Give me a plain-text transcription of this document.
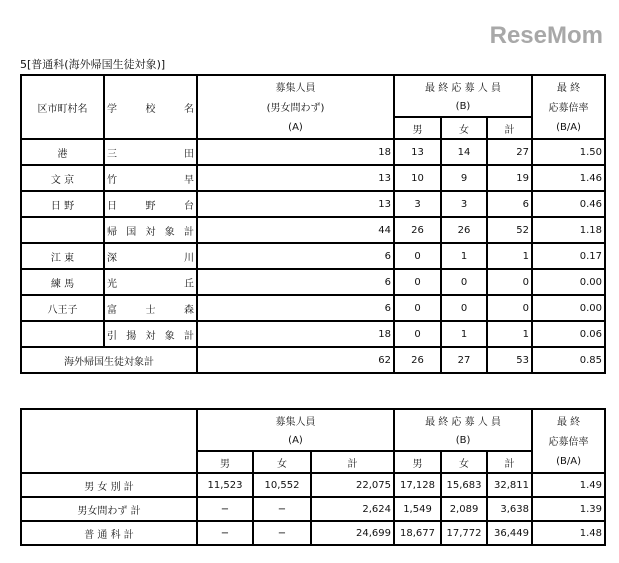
5[普通科(海外帰国生徒対象)]
区市町村名	学 校 名	募集人員	最 終 応 募 人 員			最 終
		(男女問わず)	(B)			応募倍率
		(A)	男	女	計	(B/A)
港	三 田	18	13	14	27	1.50
文 京	竹 早	13	10	9	19	1.46
日 野	日 野 台	13	3	3	6	0.46

	帰 国 対 象 計	44	26	26	52	1.18
江 東	深 川	6	0	1	1	0.17
練 馬	光 丘	6	0	0	0	0.00
八王子	富 士 森	6	0	0	0	0.00

	引 揚 対 象 計	18	0	1	1	0.06
海外帰国生徒対象計		62	26	27	53	0.85
	募集人員			最 終 応 募 人 員			最 終
	(A)			(B)			応募倍率
	男	女	計	男	女	計	(B/A)
男 女 別 計	11,523	10,552	22,075	17,128	15,683	32,811	1.49
男女問わず 計	−	−	2,624	1,549	2,089	3,638	1.39
普 通 科 計	−	−	24,699	18,677	17,772	36,449	1.48
ReseMom
